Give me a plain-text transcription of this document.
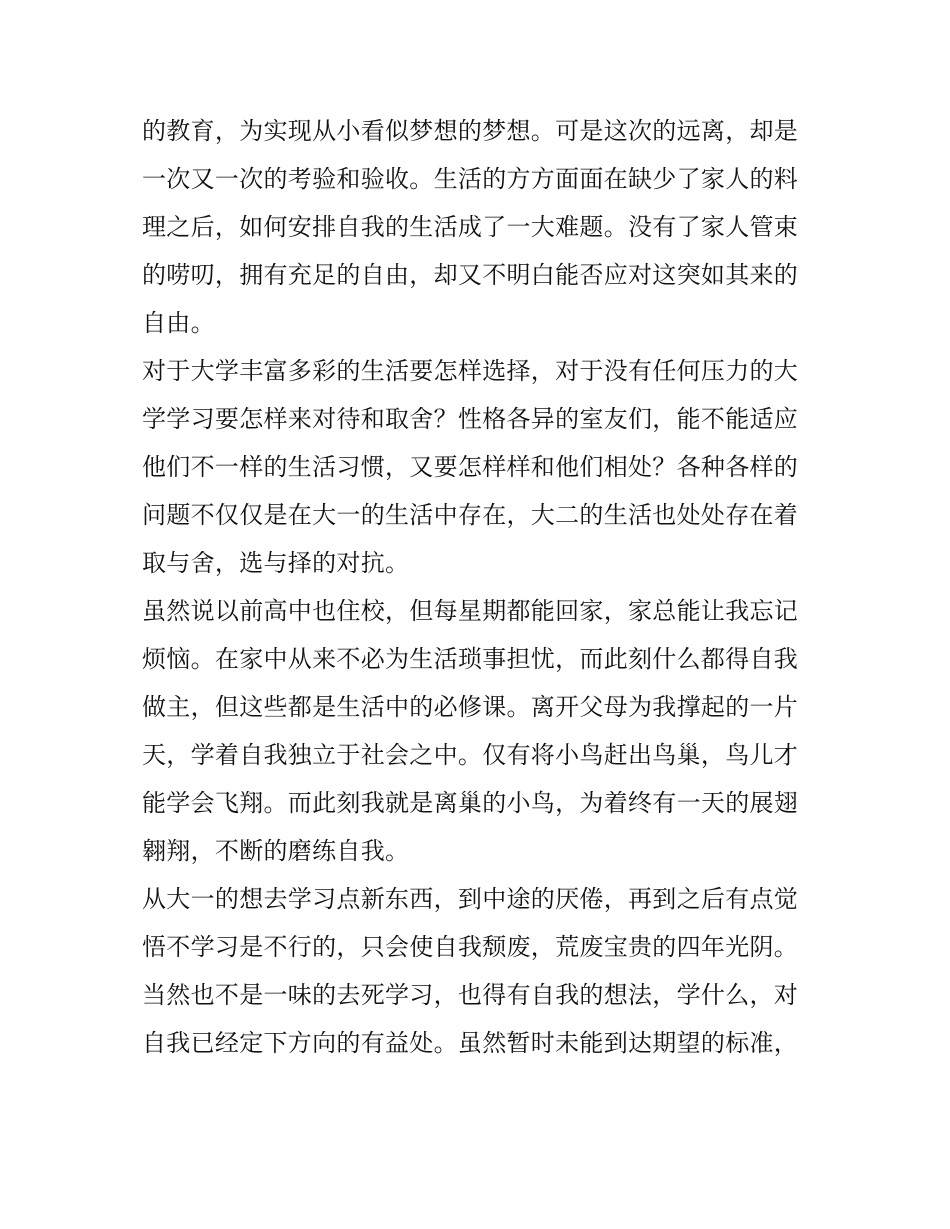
的教育，为实现从小看似梦想的梦想。可是这次的远离，却是
一次又一次的考验和验收。生活的方方面面在缺少了家人的料
理之后，如何安排自我的生活成了一大难题。没有了家人管束
的唠叨，拥有充足的自由，却又不明白能否应对这突如其来的
自由。
对于大学丰富多彩的生活要怎样选择，对于没有任何压力的大
学学习要怎样来对待和取舍？性格各异的室友们，能不能适应
他们不一样的生活习惯，又要怎样样和他们相处？各种各样的
问题不仅仅是在大一的生活中存在，大二的生活也处处存在着
取与舍，选与择的对抗。
虽然说以前高中也住校，但每星期都能回家，家总能让我忘记
烦恼。在家中从来不必为生活琐事担忧，而此刻什么都得自我
做主，但这些都是生活中的必修课。离开父母为我撑起的一片
天，学着自我独立于社会之中。仅有将小鸟赶出鸟巢，鸟儿才
能学会飞翔。而此刻我就是离巢的小鸟，为着终有一天的展翅
翱翔，不断的磨练自我。
从大一的想去学习点新东西，到中途的厌倦，再到之后有点觉
悟不学习是不行的，只会使自我颓废，荒废宝贵的四年光阴。
当然也不是一味的去死学习，也得有自我的想法，学什么，对
自我已经定下方向的有益处。虽然暂时未能到达期望的标准，
